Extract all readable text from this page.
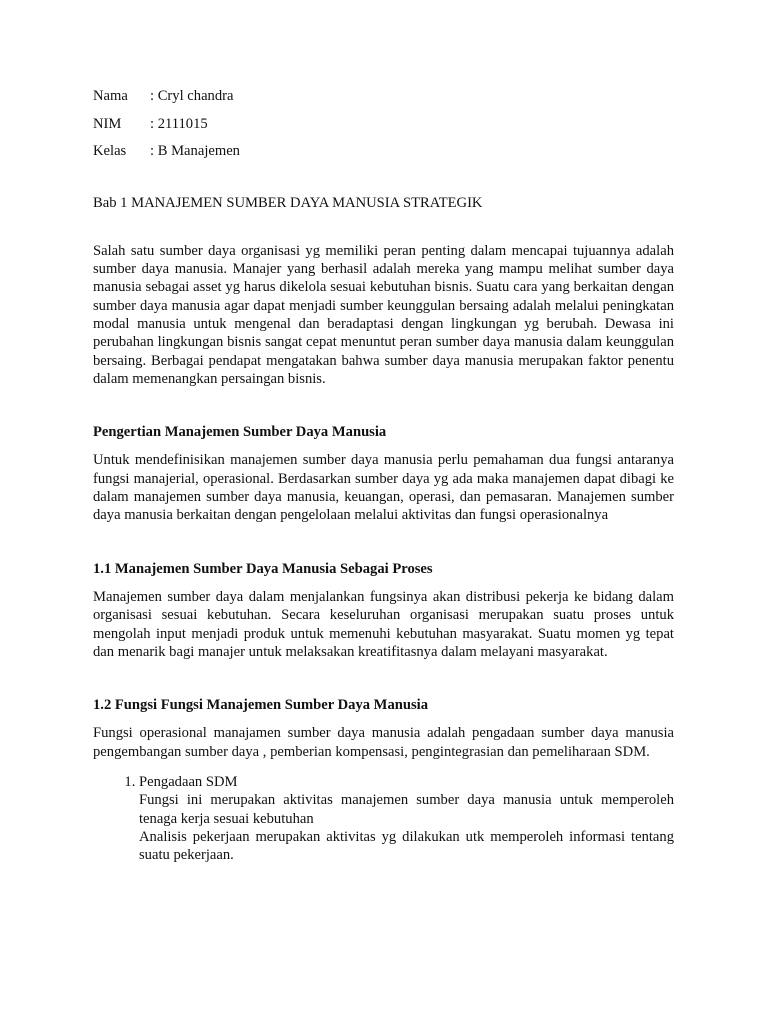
Nama : Cryl chandra
NIM : 2111015
Kelas : B Manajemen
Bab 1 MANAJEMEN SUMBER DAYA MANUSIA STRATEGIK

Salah satu sumber daya organisasi yg memiliki peran penting dalam mencapai tujuannya adalah sumber daya manusia. Manajer yang berhasil adalah mereka yang mampu melihat sumber daya manusia sebagai asset yg harus dikelola sesuai kebutuhan bisnis. Suatu cara yang berkaitan dengan sumber daya manusia agar dapat menjadi sumber keunggulan bersaing adalah melalui peningkatan modal manusia untuk mengenal dan beradaptasi dengan lingkungan yg berubah. Dewasa ini perubahan lingkungan bisnis sangat cepat menuntut peran sumber daya manusia dalam keunggulan bersaing. Berbagai pendapat mengatakan bahwa sumber daya manusia merupakan faktor penentu dalam memenangkan persaingan bisnis.

Pengertian Manajemen Sumber Daya Manusia

Untuk mendefinisikan manajemen sumber daya manusia perlu pemahaman dua fungsi antaranya fungsi manajerial, operasional. Berdasarkan sumber daya yg ada maka manajemen dapat dibagi ke dalam manajemen sumber daya manusia, keuangan, operasi, dan pemasaran. Manajemen sumber daya manusia berkaitan dengan pengelolaan melalui aktivitas dan fungsi operasionalnya

1.1 Manajemen Sumber Daya Manusia Sebagai Proses

Manajemen sumber daya dalam menjalankan fungsinya akan distribusi pekerja ke bidang dalam organisasi sesuai kebutuhan. Secara keseluruhan organisasi merupakan suatu proses untuk mengolah input menjadi produk untuk memenuhi kebutuhan masyarakat. Suatu momen yg tepat dan menarik bagi manajer untuk melaksakan kreatifitasnya dalam melayani masyarakat.

1.2 Fungsi Fungsi Manajemen Sumber Daya Manusia

Fungsi operasional manajamen sumber daya manusia adalah pengadaan sumber daya manusia pengembangan sumber daya , pemberian kompensasi, pengintegrasian dan pemeliharaan SDM.

1. Pengadaan SDM
Fungsi ini merupakan aktivitas manajemen sumber daya manusia untuk memperoleh tenaga kerja sesuai kebutuhan
Analisis pekerjaan merupakan aktivitas yg dilakukan utk memperoleh informasi tentang suatu pekerjaan.
